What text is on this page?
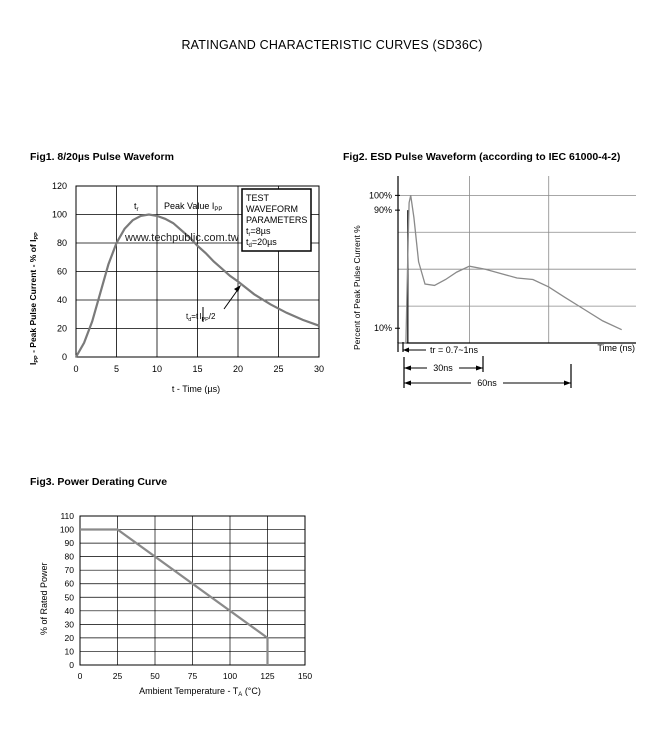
RATINGAND CHARACTERISTIC CURVES (SD36C)
Fig1. 8/20µs Pulse Waveform
0
20
40
60
80
100
120
0	5	10	15	20	25	30
$t_r$	Peak Value $I_{PP}$
TEST
WAVEFORM
PARAMETERS
$t_r=8\mu s$
$t_d=20\mu s$
www.techpublic.com.tw
$t_d=tI_{PP}/2$
t - Time (µs)
$I_{PP}$ - Peak Pulse Current - % of $I_{PP}$
Fig2. ESD Pulse Waveform (according to IEC 61000-4-2)
100%
90%
10%
Time (ns)
tr = 0.7~1ns
30ns
60ns
Percent of Peak Pulse Current %
Fig3. Power Derating Curve
0
10
20
30
40
50
60
70
80
90
100
110
0	25	50	75	100	125	150
Ambient Temperature - $T_A$ (°C)
% of Rated Power
